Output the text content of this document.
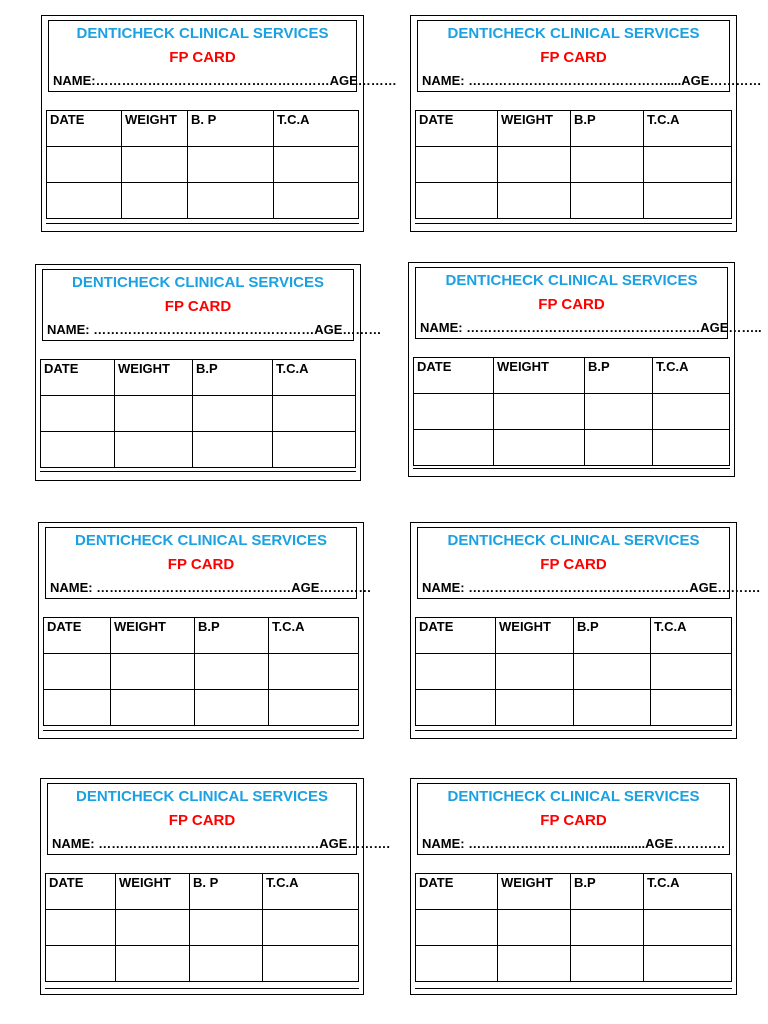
DENTICHECK CLINICAL SERVICES
FP CARD
NAME:………………………………………………AGE………
DATE	WEIGHT	B. P	T.C.A

DENTICHECK CLINICAL SERVICES
FP CARD
NAME: ……………………………………….....AGE…………
DATE	WEIGHT	B.P	T.C.A

DENTICHECK CLINICAL SERVICES
FP CARD
NAME: ……………………………………………AGE………
DATE	WEIGHT	B.P	T.C.A

DENTICHECK CLINICAL SERVICES
FP CARD
NAME: ………………………………………………AGE……..
DATE	WEIGHT	B.P	T.C.A

DENTICHECK CLINICAL SERVICES
FP CARD
NAME: ………………………………………AGE…………
DATE	WEIGHT	B.P	T.C.A

DENTICHECK CLINICAL SERVICES
FP CARD
NAME: ……………………………………………AGE……….
DATE	WEIGHT	B.P	T.C.A

DENTICHECK CLINICAL SERVICES
FP CARD
NAME: ……………………………………………AGE……….
DATE	WEIGHT	B. P	T.C.A

DENTICHECK CLINICAL SERVICES
FP CARD
NAME: ………………………….............AGE…………
DATE	WEIGHT	B.P	T.C.A
